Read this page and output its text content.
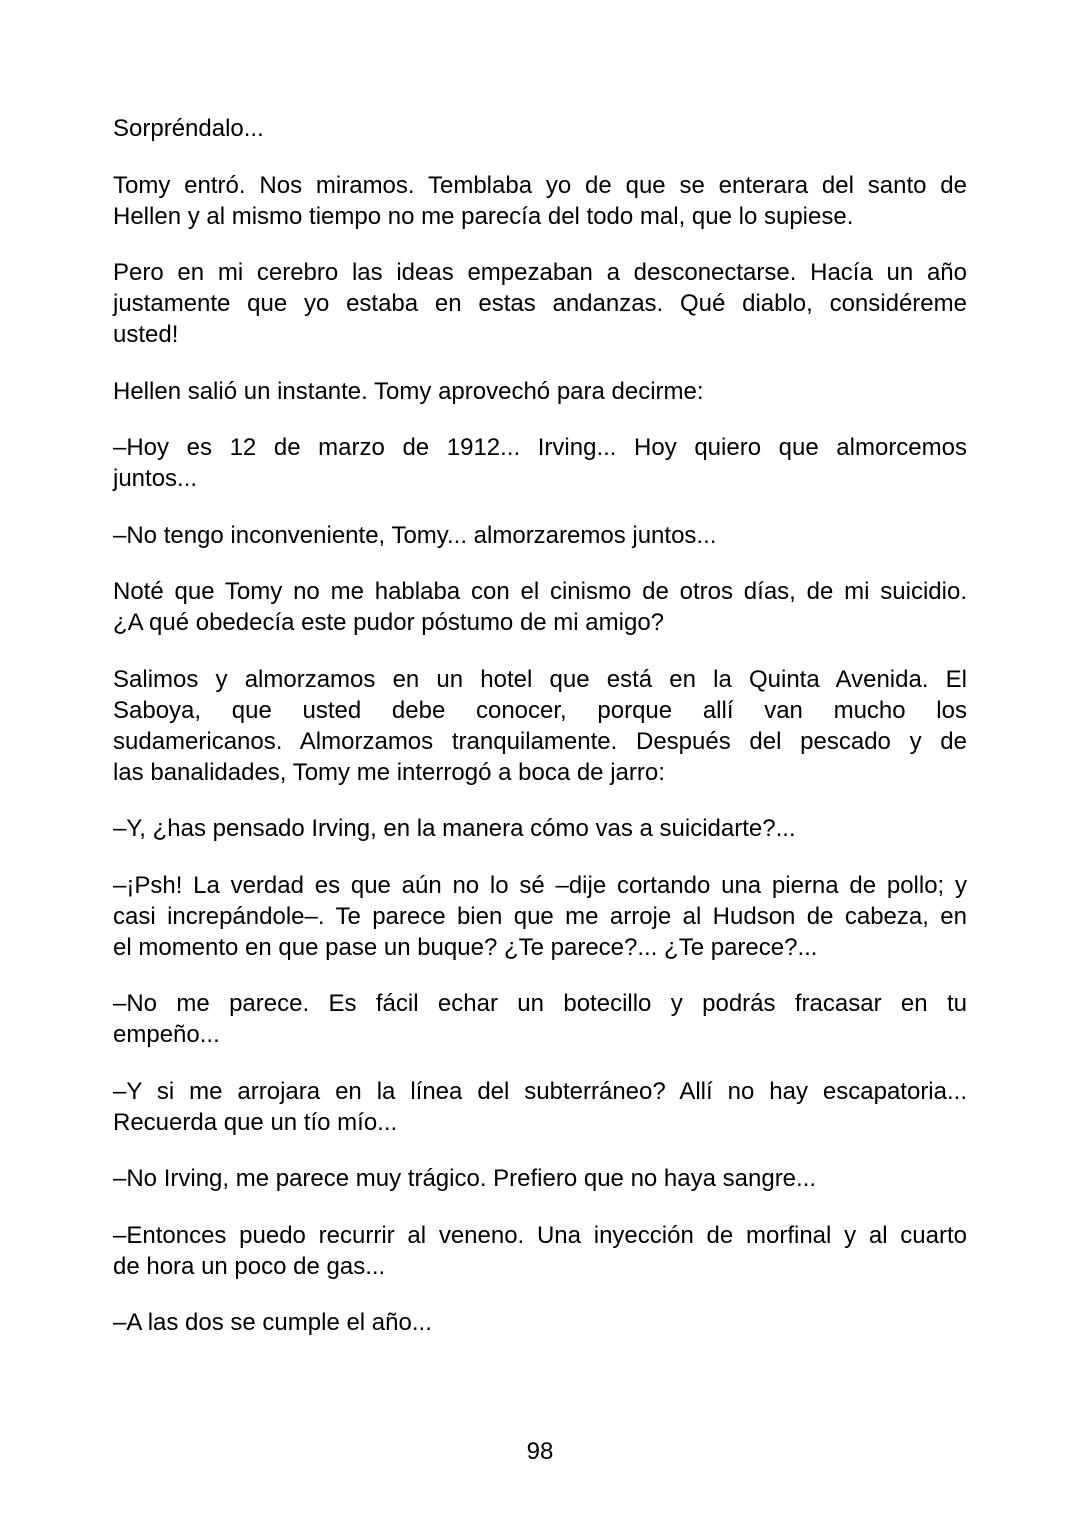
Sorpréndalo...
Tomy entró. Nos miramos. Temblaba yo de que se enterara del santo de
Hellen y al mismo tiempo no me parecía del todo mal, que lo supiese.
Pero en mi cerebro las ideas empezaban a desconectarse. Hacía un año
justamente que yo estaba en estas andanzas. Qué diablo, considéreme
usted!
Hellen salió un instante. Tomy aprovechó para decirme:
–Hoy es 12 de marzo de 1912... Irving... Hoy quiero que almorcemos
juntos...
–No tengo inconveniente, Tomy... almorzaremos juntos...
Noté que Tomy no me hablaba con el cinismo de otros días, de mi suicidio.
¿A qué obedecía este pudor póstumo de mi amigo?
Salimos y almorzamos en un hotel que está en la Quinta Avenida. El
Saboya, que usted debe conocer, porque allí van mucho los
sudamericanos. Almorzamos tranquilamente. Después del pescado y de
las banalidades, Tomy me interrogó a boca de jarro:
–Y, ¿has pensado Irving, en la manera cómo vas a suicidarte?...
–¡Psh! La verdad es que aún no lo sé –dije cortando una pierna de pollo; y
casi increpándole–. Te parece bien que me arroje al Hudson de cabeza, en
el momento en que pase un buque? ¿Te parece?... ¿Te parece?...
–No me parece. Es fácil echar un botecillo y podrás fracasar en tu
empeño...
–Y si me arrojara en la línea del subterráneo? Allí no hay escapatoria...
Recuerda que un tío mío...
–No Irving, me parece muy trágico. Prefiero que no haya sangre...
–Entonces puedo recurrir al veneno. Una inyección de morfinal y al cuarto
de hora un poco de gas...
–A las dos se cumple el año...
98
